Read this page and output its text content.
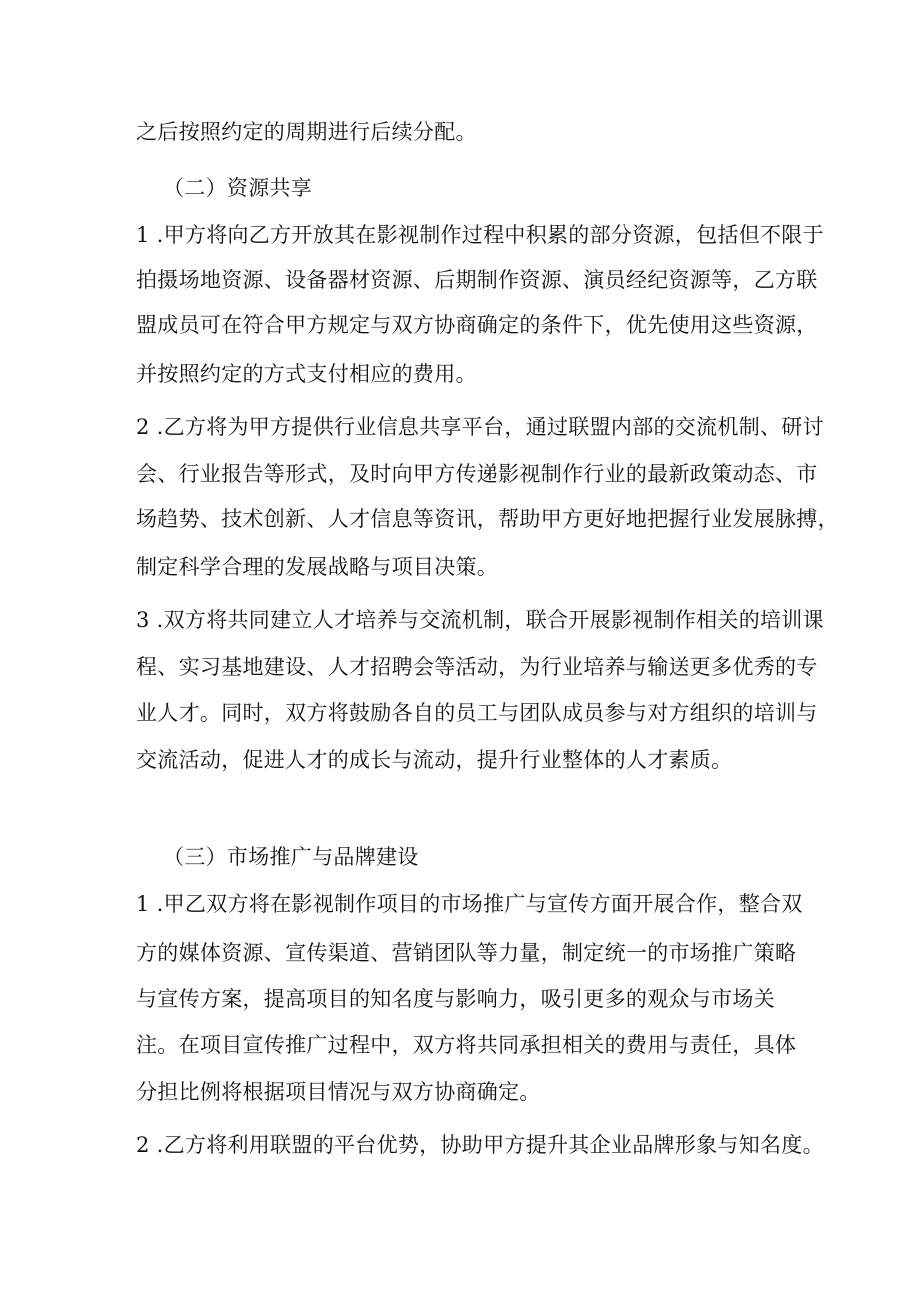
之后按照约定的周期进行后续分配。
（二）资源共享
1 .甲方将向乙方开放其在影视制作过程中积累的部分资源，包括但不限于
拍摄场地资源、设备器材资源、后期制作资源、演员经纪资源等，乙方联
盟成员可在符合甲方规定与双方协商确定的条件下，优先使用这些资源，
并按照约定的方式支付相应的费用。
2 .乙方将为甲方提供行业信息共享平台，通过联盟内部的交流机制、研讨
会、行业报告等形式，及时向甲方传递影视制作行业的最新政策动态、市
场趋势、技术创新、人才信息等资讯，帮助甲方更好地把握行业发展脉搏，
制定科学合理的发展战略与项目决策。
3 .双方将共同建立人才培养与交流机制，联合开展影视制作相关的培训课
程、实习基地建设、人才招聘会等活动，为行业培养与输送更多优秀的专
业人才。同时，双方将鼓励各自的员工与团队成员参与对方组织的培训与
交流活动，促进人才的成长与流动，提升行业整体的人才素质。
（三）市场推广与品牌建设
1 .甲乙双方将在影视制作项目的市场推广与宣传方面开展合作，整合双
方的媒体资源、宣传渠道、营销团队等力量，制定统一的市场推广策略
与宣传方案，提高项目的知名度与影响力，吸引更多的观众与市场关
注。在项目宣传推广过程中，双方将共同承担相关的费用与责任，具体
分担比例将根据项目情况与双方协商确定。
2 .乙方将利用联盟的平台优势，协助甲方提升其企业品牌形象与知名度。
